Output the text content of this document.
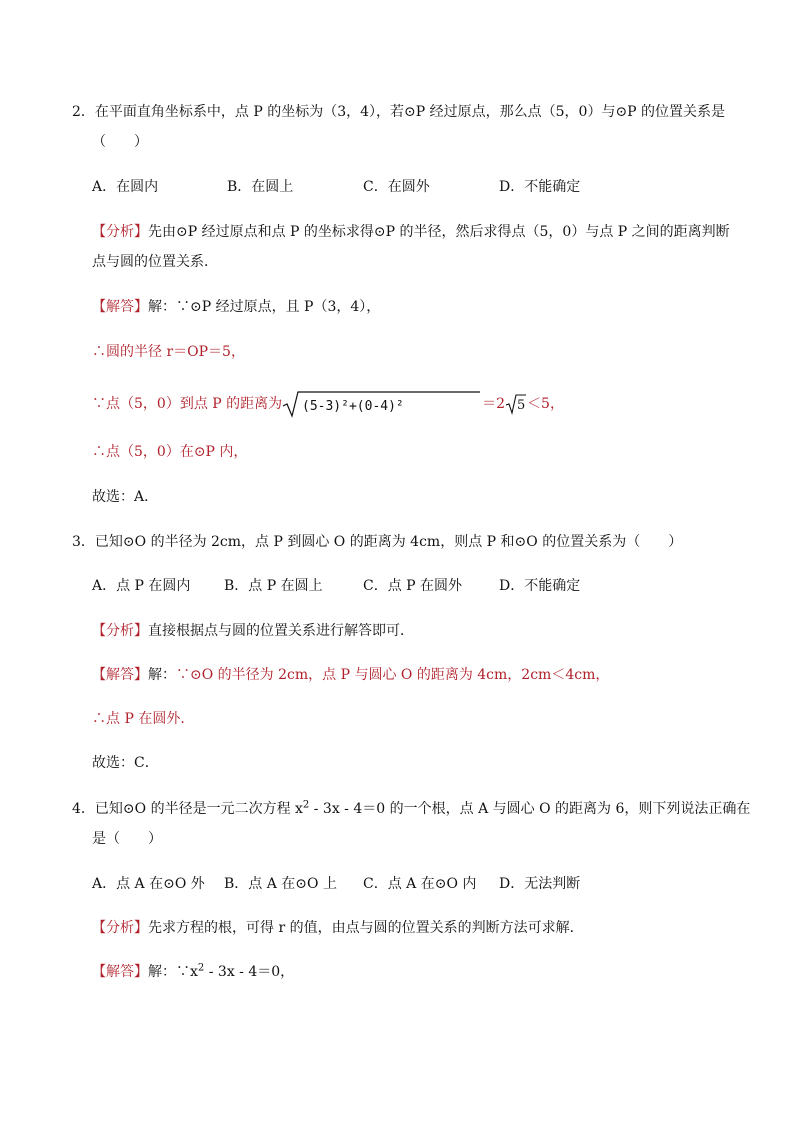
2．在平面直角坐标系中，点 P 的坐标为（3，4），若⊙P 经过原点，那么点（5，0）与⊙P 的位置关系是
（　　）
A．在圆内	B．在圆上	C．在圆外	D．不能确定
【分析】先由⊙P 经过原点和点 P 的坐标求得⊙P 的半径，然后求得点（5，0）与点 P 之间的距离判断
点与圆的位置关系．
【解答】解：∵⊙P 经过原点，且 P（3，4），
∴圆的半径 r＝OP＝5，
∵点（5，0）到点 P 的距离为 (5-3)²+(0-4)²	＝2 5 ＜5，
∴点（5，0）在⊙P 内，
故选：A．
3．已知⊙O 的半径为 2cm，点 P 到圆心 O 的距离为 4cm，则点 P 和⊙O 的位置关系为（　　）
A．点 P 在圆内 B．点 P 在圆上	C．点 P 在圆外	D．不能确定
【分析】直接根据点与圆的位置关系进行解答即可．
【解答】解：∵⊙O 的半径为 2cm，点 P 与圆心 O 的距离为 4cm，2cm＜4cm，
∴点 P 在圆外．
故选：C．
4．已知⊙O 的半径是一元二次方程 $x^2 - 3x - 4=0$ 的一个根，点 A 与圆心 O 的距离为 6，则下列说法正确在
是（　　）
A．点 A 在⊙O 外 B．点 A 在⊙O 上 C．点 A 在⊙O 内 D．无法判断
【分析】先求方程的根，可得 r 的值，由点与圆的位置关系的判断方法可求解．
【解答】解：$\because x^2 - 3x - 4=0$，
